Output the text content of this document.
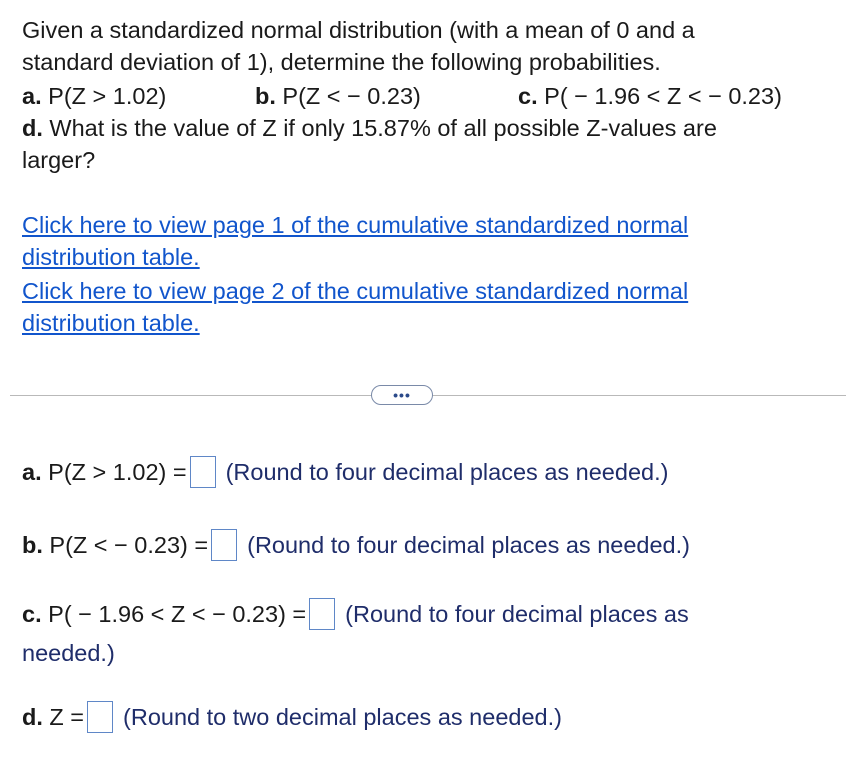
Given a standardized normal distribution (with a mean of 0 and a
standard deviation of 1), determine the following probabilities.
a. P(Z > 1.02)	b. P(Z < − 0.23)	c. P( − 1.96 < Z < − 0.23)
d. What is the value of Z if only 15.87% of all possible Z-values are
larger?
Click here to view page 1 of the cumulative standardized normal distribution table.
Click here to view page 2 of the cumulative standardized normal distribution table.
•••
a. P(Z > 1.02) = (Round to four decimal places as needed.)
b. P(Z < − 0.23) = (Round to four decimal places as needed.)
c. P( − 1.96 < Z < − 0.23) = (Round to four decimal places as
needed.)
d. Z = (Round to two decimal places as needed.)
